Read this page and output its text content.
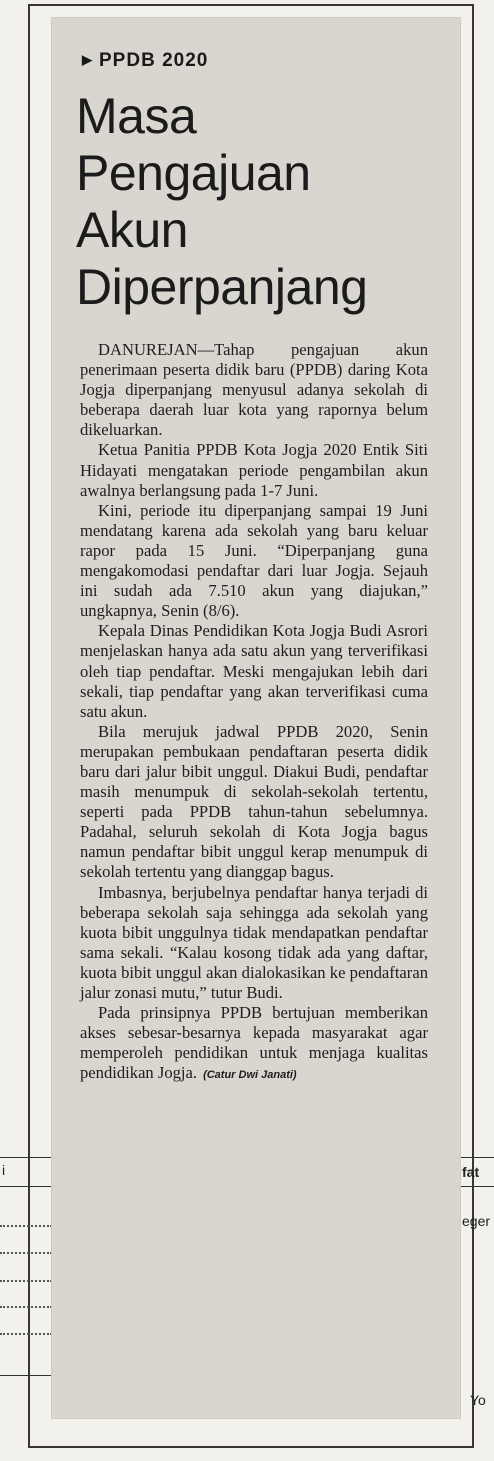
i	fat
eger
Yo
▶ PPDB 2020
Masa
Pengajuan
Akun
Diperpanjang

DANUREJAN—Tahap pengajuan akun penerimaan peserta didik baru (PPDB) daring Kota Jogja diperpanjang menyusul adanya sekolah di beberapa daerah luar kota yang rapornya belum dikeluarkan.

Ketua Panitia PPDB Kota Jogja 2020 Entik Siti Hidayati mengatakan periode pengambilan akun awalnya berlangsung pada 1-7 Juni.

Kini, periode itu diperpanjang sampai 19 Juni mendatang karena ada sekolah yang baru keluar rapor pada 15 Juni. “Diperpanjang guna mengakomodasi pendaftar dari luar Jogja. Sejauh ini sudah ada 7.510 akun yang diajukan,” ungkapnya, Senin (8/6).

Kepala Dinas Pendidikan Kota Jogja Budi Asrori menjelaskan hanya ada satu akun yang terverifikasi oleh tiap pendaftar. Meski mengajukan lebih dari sekali, tiap pendaftar yang akan terverifikasi cuma satu akun.

Bila merujuk jadwal PPDB 2020, Senin merupakan pembukaan pendaftaran peserta didik baru dari jalur bibit unggul. Diakui Budi, pendaftar masih menumpuk di sekolah-sekolah tertentu, seperti pada PPDB tahun-tahun sebelumnya. Padahal, seluruh sekolah di Kota Jogja bagus namun pendaftar bibit unggul kerap menumpuk di sekolah tertentu yang dianggap bagus.

Imbasnya, berjubelnya pendaftar hanya terjadi di beberapa sekolah saja sehingga ada sekolah yang kuota bibit unggulnya tidak mendapatkan pendaftar sama sekali. “Kalau kosong tidak ada yang daftar, kuota bibit unggul akan dialokasikan ke pendaftaran jalur zonasi mutu,” tutur Budi.

Pada prinsipnya PPDB bertujuan memberikan akses sebesar-besarnya kepada masyarakat agar memperoleh pendidikan untuk menjaga kualitas pendidikan Jogja. (Catur Dwi Janati)
